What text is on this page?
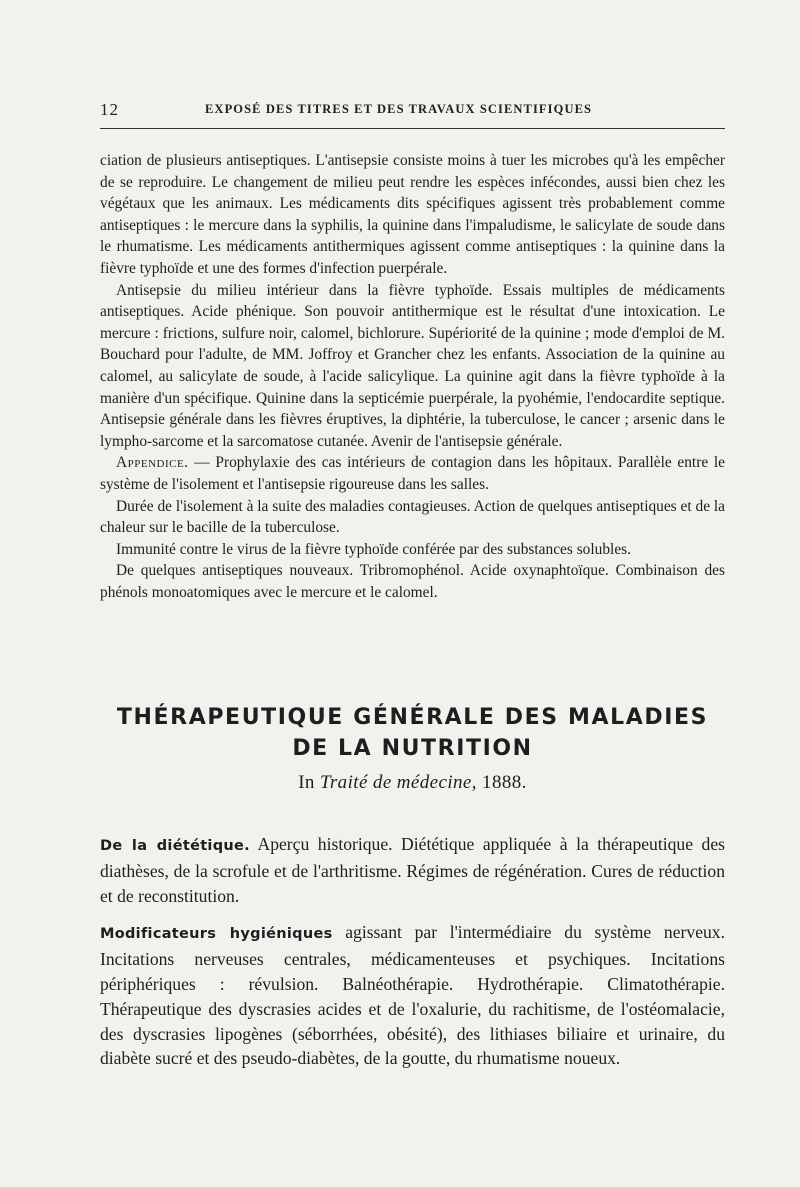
12	EXPOSÉ DES TITRES ET DES TRAVAUX SCIENTIFIQUES

ciation de plusieurs antiseptiques. L'antisepsie consiste moins à tuer les microbes qu'à les empêcher de se reproduire. Le changement de milieu peut rendre les espèces infécondes, aussi bien chez les végétaux que les animaux. Les médicaments dits spécifiques agissent très probablement comme antiseptiques : le mercure dans la syphilis, la quinine dans l'impaludisme, le salicylate de soude dans le rhumatisme. Les médicaments antithermiques agissent comme antiseptiques : la quinine dans la fièvre typhoïde et une des formes d'infection puerpérale.

Antisepsie du milieu intérieur dans la fièvre typhoïde. Essais multiples de médicaments antiseptiques. Acide phénique. Son pouvoir antithermique est le résultat d'une intoxication. Le mercure : frictions, sulfure noir, calomel, bichlorure. Supériorité de la quinine ; mode d'emploi de M. Bouchard pour l'adulte, de MM. Joffroy et Grancher chez les enfants. Association de la quinine au calomel, au salicylate de soude, à l'acide salicylique. La quinine agit dans la fièvre typhoïde à la manière d'un spécifique. Quinine dans la septicémie puerpérale, la pyohémie, l'endocardite septique. Antisepsie générale dans les fièvres éruptives, la diphtérie, la tuberculose, le cancer ; arsenic dans le lympho-sarcome et la sarcomatose cutanée. Avenir de l'antisepsie générale.

Appendice. — Prophylaxie des cas intérieurs de contagion dans les hôpitaux. Parallèle entre le système de l'isolement et l'antisepsie rigoureuse dans les salles.

Durée de l'isolement à la suite des maladies contagieuses. Action de quelques antiseptiques et de la chaleur sur le bacille de la tuberculose.

Immunité contre le virus de la fièvre typhoïde conférée par des substances solubles.

De quelques antiseptiques nouveaux. Tribromophénol. Acide oxynaphtoïque. Combinaison des phénols monoatomiques avec le mercure et le calomel.

THÉRAPEUTIQUE GÉNÉRALE DES MALADIES
DE LA NUTRITION
In Traité de médecine, 1888.

De la diététique. Aperçu historique. Diététique appliquée à la thérapeutique des diathèses, de la scrofule et de l'arthritisme. Régimes de régénération. Cures de réduction et de reconstitution.

Modificateurs hygiéniques agissant par l'intermédiaire du système nerveux. Incitations nerveuses centrales, médicamenteuses et psychiques. Incitations périphériques : révulsion. Balnéothérapie. Hydrothérapie. Climatothérapie. Thérapeutique des dyscrasies acides et de l'oxalurie, du rachitisme, de l'ostéomalacie, des dyscrasies lipogènes (séborrhées, obésité), des lithiases biliaire et urinaire, du diabète sucré et des pseudo-diabètes, de la goutte, du rhumatisme noueux.
